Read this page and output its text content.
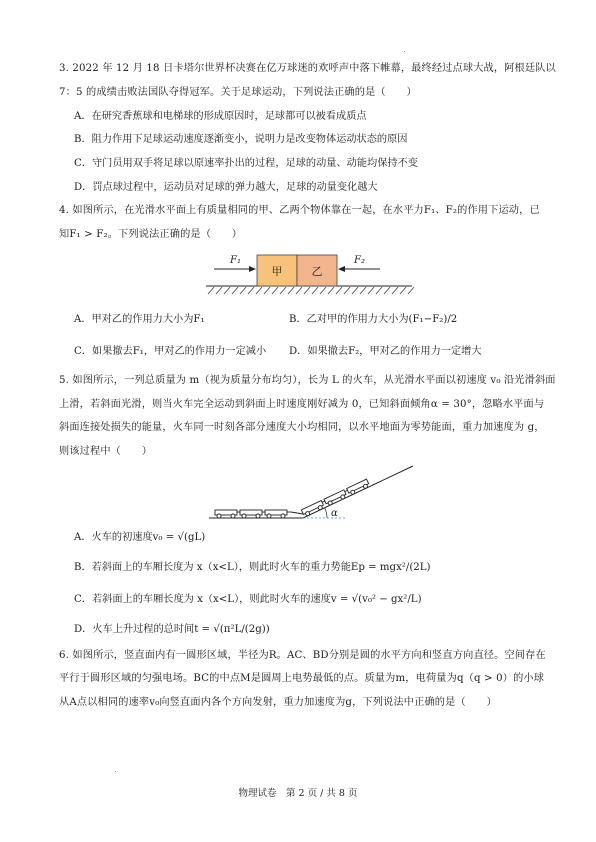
3. 2022 年 12 月 18 日卡塔尔世界杯决赛在亿万球迷的欢呼声中落下帷幕，最终经过点球大战，阿根廷队以
7：5 的成绩击败法国队夺得冠军。关于足球运动，下列说法正确的是（　　）
A．在研究香蕉球和电梯球的形成原因时，足球都可以被看成质点
B．阻力作用下足球运动速度逐渐变小，说明力是改变物体运动状态的原因
C．守门员用双手将足球以原速率扑出的过程，足球的动量、动能均保持不变
D．罚点球过程中，运动员对足球的弹力越大，足球的动量变化越大
4. 如图所示，在光滑水平面上有质量相同的甲、乙两个物体靠在一起，在水平力F₁、F₂的作用下运动，已
知F₁ > F₂。下列说法正确的是（　　）
甲	乙
F₁	F₂
A．甲对乙的作用力大小为F₁	B．乙对甲的作用力大小为(F₁−F₂)/2
C．如果撤去F₁，甲对乙的作用力一定减小 D．如果撤去F₂，甲对乙的作用力一定增大
5. 如图所示，一列总质量为 m（视为质量分布均匀），长为 L 的火车，从光滑水平面以初速度 v₀ 沿光滑斜面
上滑，若斜面光滑，则当火车完全运动到斜面上时速度刚好减为 0，已知斜面倾角α = 30°，忽略水平面与
斜面连接处损失的能量，火车同一时刻各部分速度大小均相同，以水平地面为零势能面，重力加速度为 g，
则该过程中（　　）
α
A．火车的初速度v₀ = √(gL)
B．若斜面上的车厢长度为 x（x<L），则此时火车的重力势能Ep = mgx²/(2L)
C．若斜面上的车厢长度为 x（x<L），则此时火车的速度v = √(v₀² − gx²/L)
D．火车上升过程的总时间t = √(π²L/(2g))
6. 如图所示，竖直面内有一圆形区域，半径为R。AC、BD分别是圆的水平方向和竖直方向直径。空间存在
平行于圆形区域的匀强电场。BC的中点M是圆周上电势最低的点。质量为m，电荷量为q（q > 0）的小球
从A点以相同的速率v₀向竖直面内各个方向发射，重力加速度为g，下列说法中正确的是（　　）
物理试卷　第 2 页 / 共 8 页
